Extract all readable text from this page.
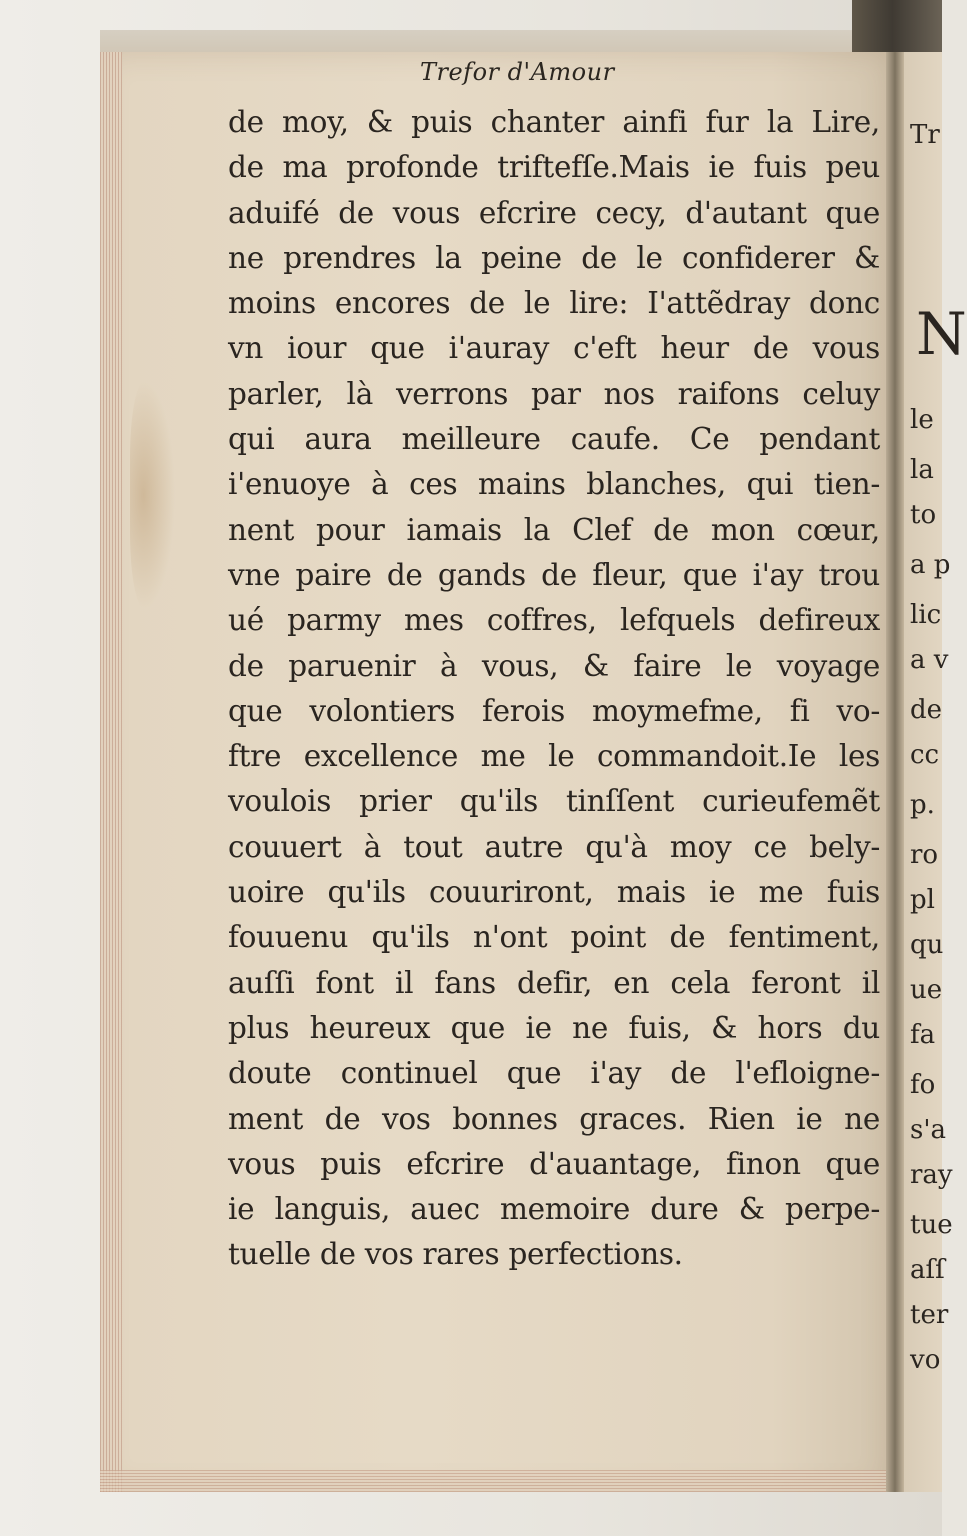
Tr
N
le
la
to
a p
lic
a v
de
cc
p.
ro
pl
qu
ue
fa
fo
s'a
ray
tue
aſſ
ter
vo
Trefor d'Amour
de moy, & puis chanter ainfi fur la Lire,
de ma profonde triftefſe.Mais ie fuis peu
aduifé de vous efcrire cecy, d'autant que
ne prendres la peine de le confiderer &
moins encores de le lire: I'attẽdray donc
vn iour que i'auray c'eft heur de vous
parler, là verrons par nos raifons celuy
qui aura meilleure caufe. Ce pendant
i'enuoye à ces mains blanches, qui tien-
nent pour iamais la Clef de mon cœur,
vne paire de gands de fleur, que i'ay trou
ué parmy mes coffres, lefquels defireux
de paruenir à vous, & faire le voyage
que volontiers ferois moymefme, fi vo-
ftre excellence me le commandoit.Ie les
voulois prier qu'ils tinſſent curieufemẽt
couuert à tout autre qu'à moy ce bely-
uoire qu'ils couuriront, mais ie me fuis
fouuenu qu'ils n'ont point de fentiment,
auſſi font il fans defir, en cela feront il
plus heureux que ie ne fuis, & hors du
doute continuel que i'ay de l'efloigne-
ment de vos bonnes graces. Rien ie ne
vous puis efcrire d'auantage, finon que
ie languis, auec memoire dure & perpe-
tuelle de vos rares perfections.
